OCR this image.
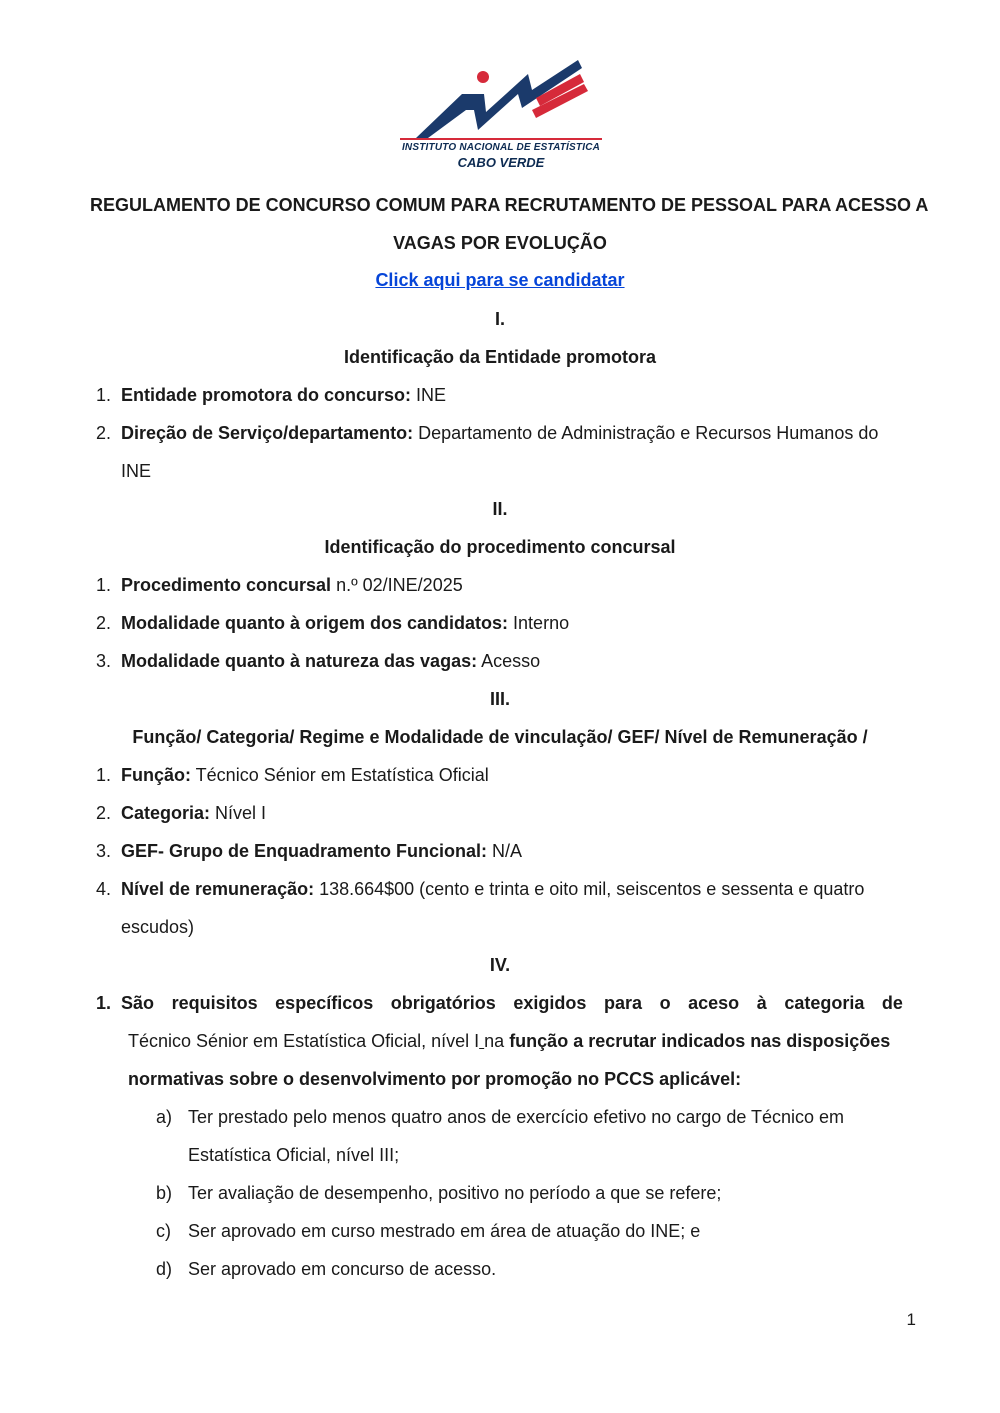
INSTITUTO NACIONAL DE ESTATÍSTICA
CABO VERDE
REGULAMENTO DE CONCURSO COMUM PARA RECRUTAMENTO DE PESSOAL PARA ACESSO A
VAGAS POR EVOLUÇÃO
Click aqui para se candidatar
I.
Identificação da Entidade promotora
1. Entidade promotora do concurso: INE
2. Direção de Serviço/departamento: Departamento de Administração e Recursos Humanos do
INE
II.
Identificação do procedimento concursal
1. Procedimento concursal n.º 02/INE/2025
2. Modalidade quanto à origem dos candidatos: Interno
3. Modalidade quanto à natureza das vagas: Acesso
III.
Função/ Categoria/ Regime e Modalidade de vinculação/ GEF/ Nível de Remuneração /
1. Função: Técnico Sénior em Estatística Oficial
2. Categoria: Nível I
3. GEF- Grupo de Enquadramento Funcional: N/A
4. Nível de remuneração: 138.664$00 (cento e trinta e oito mil, seiscentos e sessenta e quatro
escudos)
IV.
1. São requisitos específicos obrigatórios exigidos para o aceso à categoria de
Técnico Sénior em Estatística Oficial, nível I na função a recrutar indicados nas disposições
normativas sobre o desenvolvimento por promoção no PCCS aplicável:
a) Ter prestado pelo menos quatro anos de exercício efetivo no cargo de Técnico em
Estatística Oficial, nível III;
b) Ter avaliação de desempenho, positivo no período a que se refere;
c) Ser aprovado em curso mestrado em área de atuação do INE; e
d) Ser aprovado em concurso de acesso.
1
